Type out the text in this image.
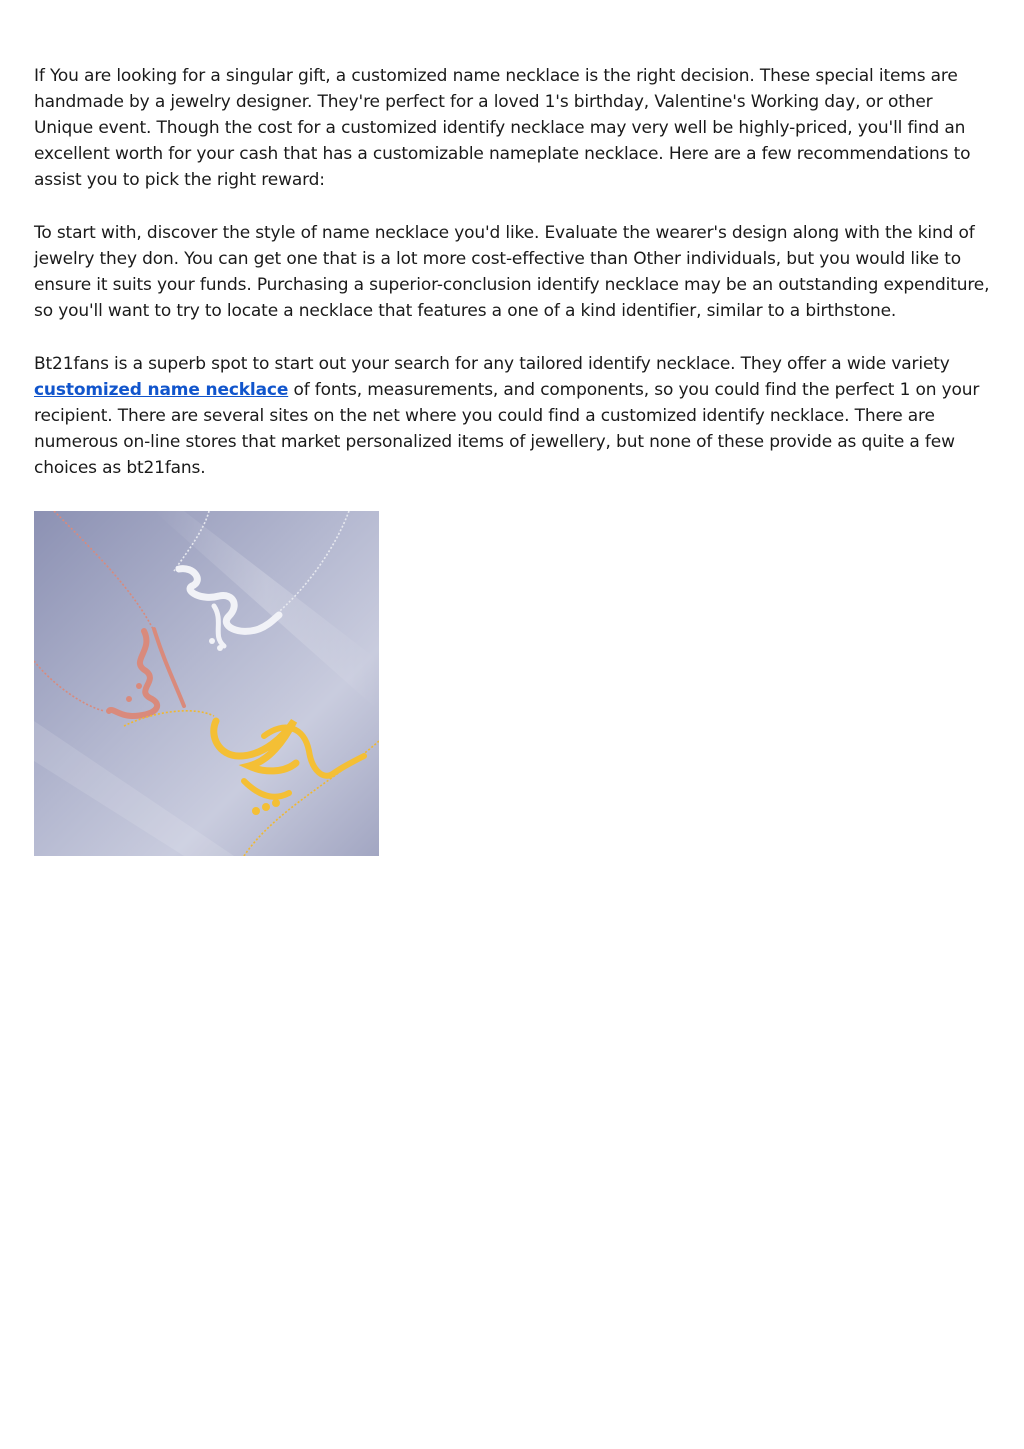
If You are looking for a singular gift, a customized name necklace is the right decision. These special items are handmade by a jewelry designer. They're perfect for a loved 1's birthday, Valentine's Working day, or other Unique event. Though the cost for a customized identify necklace may very well be highly-priced, you'll find an excellent worth for your cash that has a customizable nameplate necklace. Here are a few recommendations to assist you to pick the right reward:

To start with, discover the style of name necklace you'd like. Evaluate the wearer's design along with the kind of jewelry they don. You can get one that is a lot more cost-effective than Other individuals, but you would like to ensure it suits your funds. Purchasing a superior-conclusion identify necklace may be an outstanding expenditure, so you'll want to try to locate a necklace that features a one of a kind identifier, similar to a birthstone.

Bt21fans is a superb spot to start out your search for any tailored identify necklace. They offer a wide variety customized name necklace of fonts, measurements, and components, so you could find the perfect 1 on your recipient. There are several sites on the net where you could find a customized identify necklace. There are numerous on-line stores that market personalized items of jewellery, but none of these provide as quite a few choices as bt21fans.
